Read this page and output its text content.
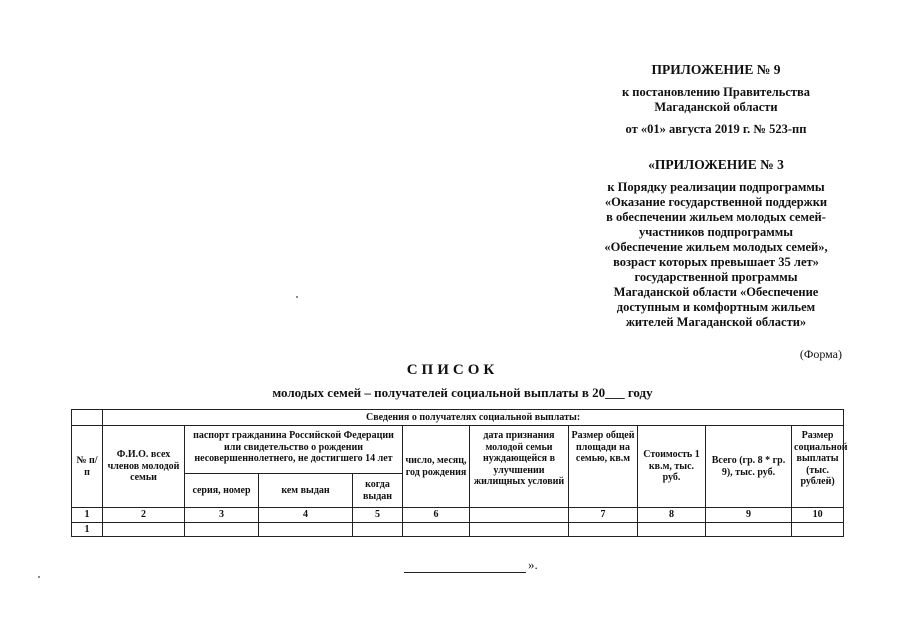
ПРИЛОЖЕНИЕ № 9
к постановлению Правительства
Магаданской области
от «01» августа 2019 г. № 523-пп
«ПРИЛОЖЕНИЕ № 3
к Порядку реализации подпрограммы
«Оказание государственной поддержки
в обеспечении жильем молодых семей-
участников подпрограммы
«Обеспечение жильем молодых семей»,
возраст которых превышает 35 лет»
государственной программы
Магаданской области «Обеспечение
доступным и комфортным жильем
жителей Магаданской области»
(Форма)
СПИСОК
молодых семей – получателей социальной выплаты в 20___ году
	Сведения о получателях социальной выплаты:									
№ п/п	Ф.И.О. всех членов молодой семьи	паспорт гражданина Российской Федерации или свидетельство о рождении несовершеннолетнего, не достигшего 14 лет			число, месяц, год рождения	дата признания молодой семьи нуждающейся в улучшении жилищных условий	Размер общей площади на семью, кв.м	Стоимость 1 кв.м, тыс. руб.	Всего (гр. 8 * гр. 9), тыс. руб.	Размер социальной выплаты (тыс. рублей)
		серия, номер	кем выдан	когда выдан						
1	2	3	4	5	6		7	8	9	10
1										
».
